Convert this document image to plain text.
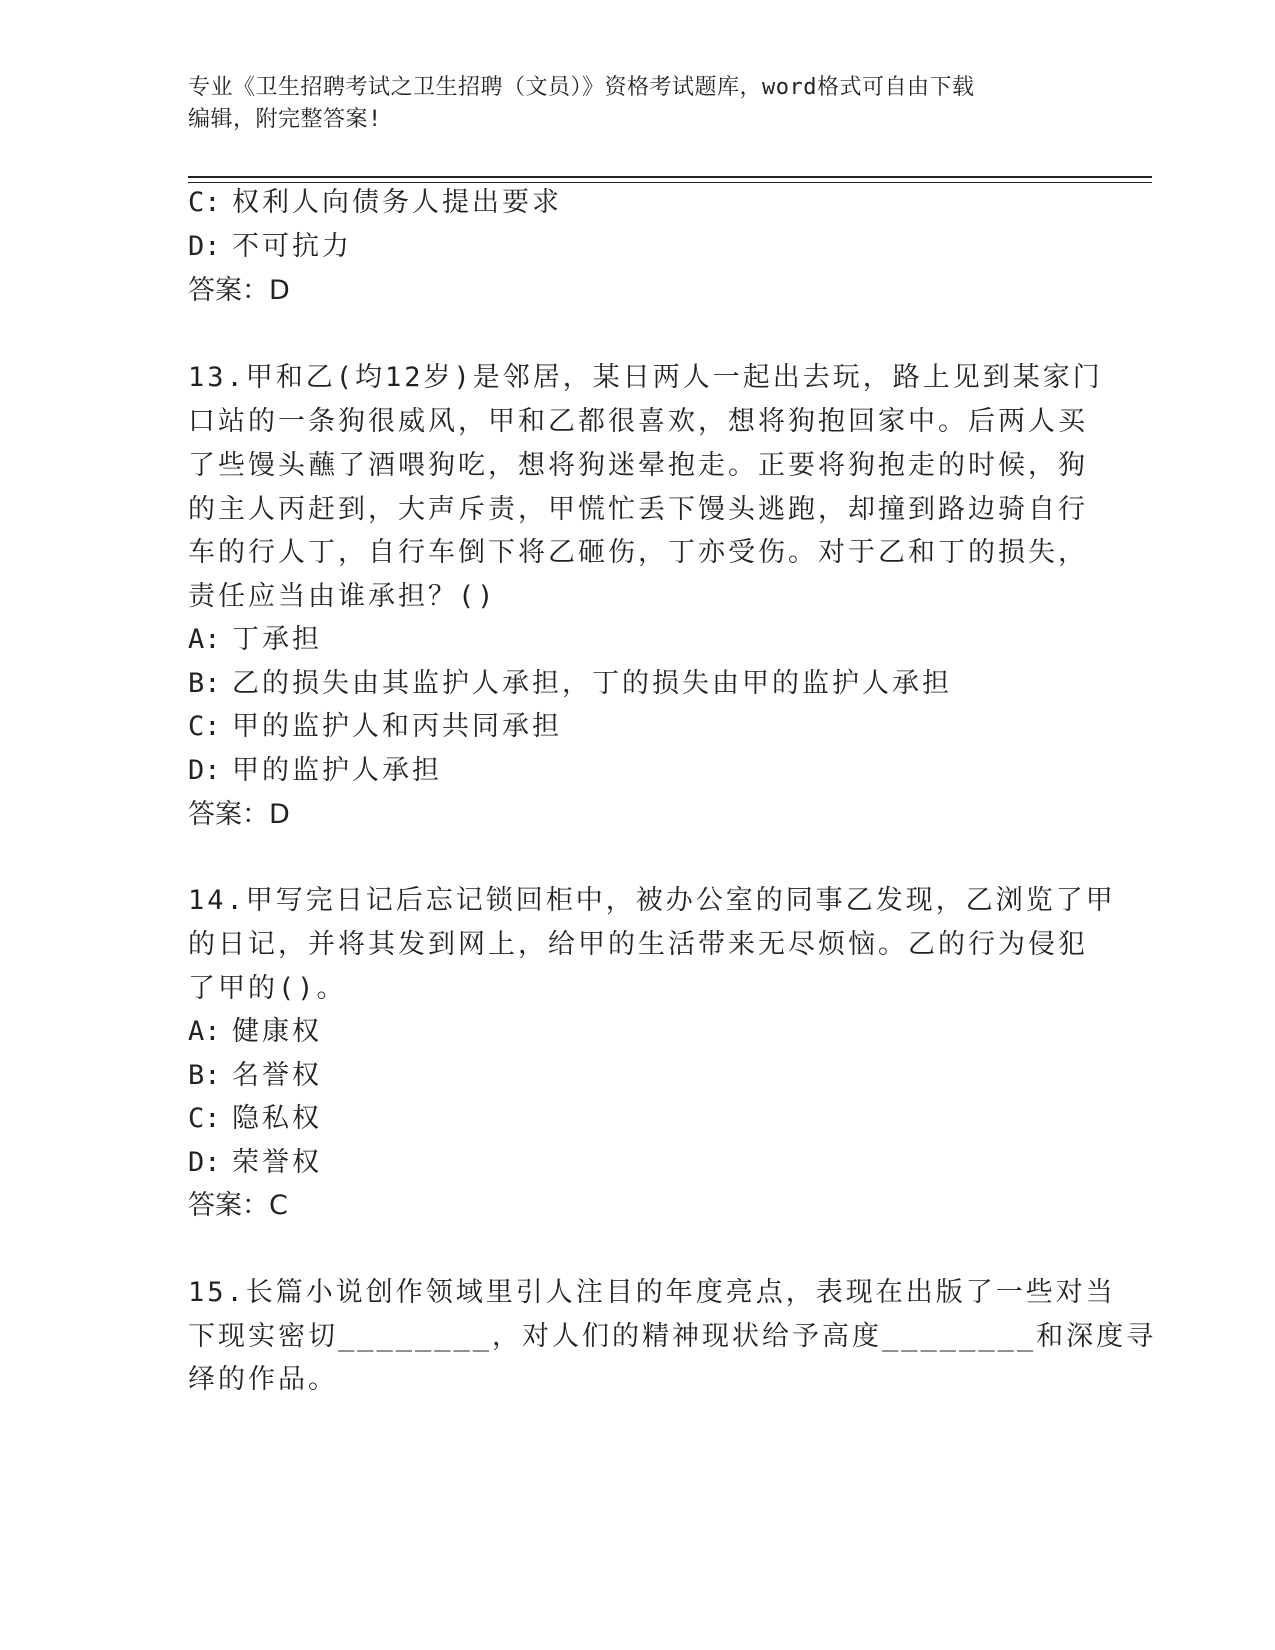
专业《卫生招聘考试之卫生招聘（文员）》资格考试题库，word格式可自由下载
编辑，附完整答案!
C: 权利人向债务人提出要求
D: 不可抗力
答案：D
13.甲和乙(均12岁)是邻居，某日两人一起出去玩，路上见到某家门
口站的一条狗很威风，甲和乙都很喜欢，想将狗抱回家中。后两人买
了些馒头蘸了酒喂狗吃，想将狗迷晕抱走。正要将狗抱走的时候，狗
的主人丙赶到，大声斥责，甲慌忙丢下馒头逃跑，却撞到路边骑自行
车的行人丁，自行车倒下将乙砸伤，丁亦受伤。对于乙和丁的损失，
责任应当由谁承担？()
A: 丁承担
B: 乙的损失由其监护人承担，丁的损失由甲的监护人承担
C: 甲的监护人和丙共同承担
D: 甲的监护人承担
答案：D
14.甲写完日记后忘记锁回柜中，被办公室的同事乙发现，乙浏览了甲
的日记，并将其发到网上，给甲的生活带来无尽烦恼。乙的行为侵犯
了甲的()。
A: 健康权
B: 名誉权
C: 隐私权
D: 荣誉权
答案：C
15.长篇小说创作领域里引人注目的年度亮点，表现在出版了一些对当
下现实密切________，对人们的精神现状给予高度________和深度寻
绎的作品。
